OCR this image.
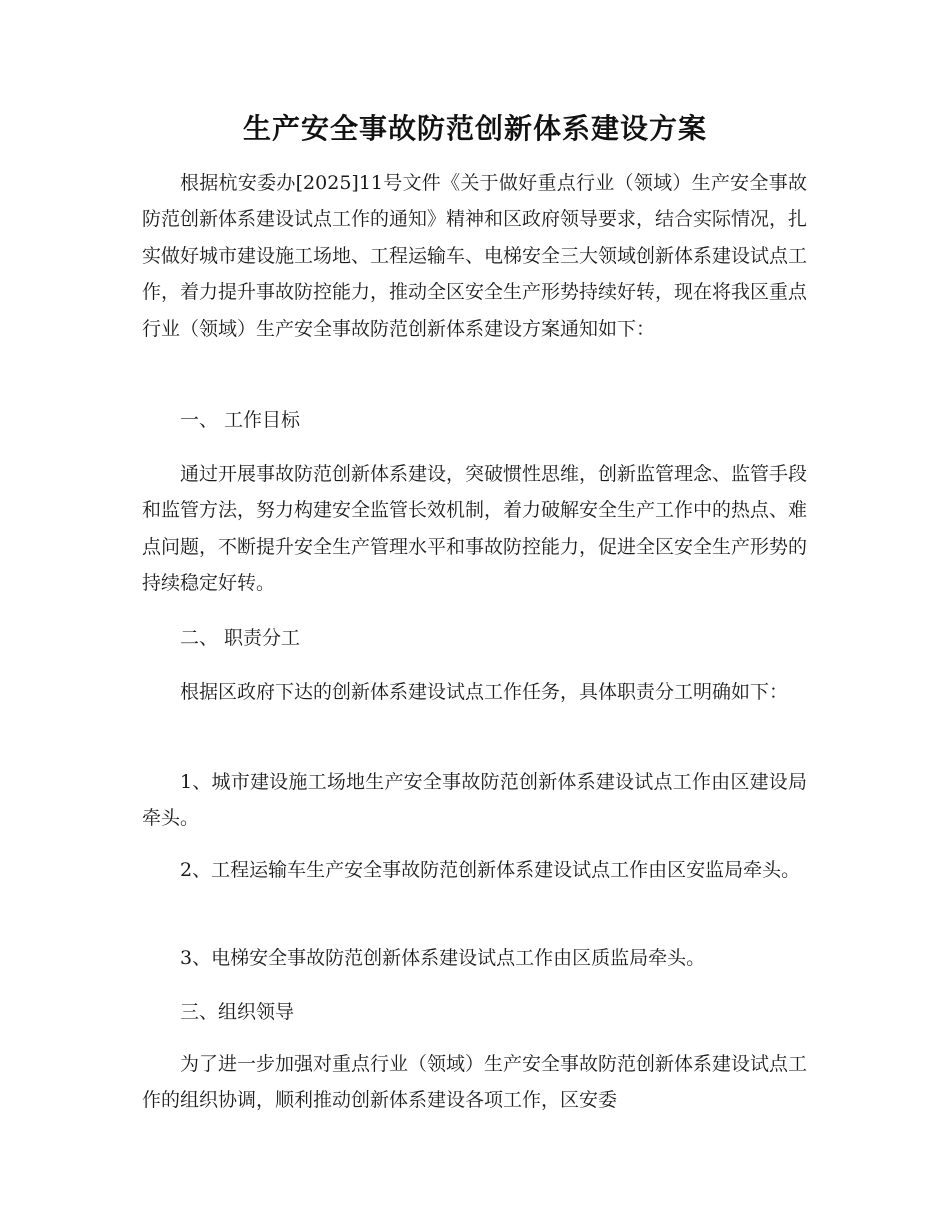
生产安全事故防范创新体系建设方案

根据杭安委办[2025]11号文件《关于做好重点行业（领域）生产安全事故防范创新体系建设试点工作的通知》精神和区政府领导要求，结合实际情况，扎实做好城市建设施工场地、工程运输车、电梯安全三大领域创新体系建设试点工作，着力提升事故防控能力，推动全区安全生产形势持续好转，现在将我区重点行业（领域）生产安全事故防范创新体系建设方案通知如下：

一、 工作目标

通过开展事故防范创新体系建设，突破惯性思维，创新监管理念、监管手段和监管方法，努力构建安全监管长效机制，着力破解安全生产工作中的热点、难点问题，不断提升安全生产管理水平和事故防控能力，促进全区安全生产形势的持续稳定好转。

二、 职责分工

根据区政府下达的创新体系建设试点工作任务，具体职责分工明确如下：

1、城市建设施工场地生产安全事故防范创新体系建设试点工作由区建设局牵头。

2、工程运输车生产安全事故防范创新体系建设试点工作由区安监局牵头。

3、电梯安全事故防范创新体系建设试点工作由区质监局牵头。

三、组织领导

为了进一步加强对重点行业（领域）生产安全事故防范创新体系建设试点工作的组织协调，顺利推动创新体系建设各项工作，区安委
